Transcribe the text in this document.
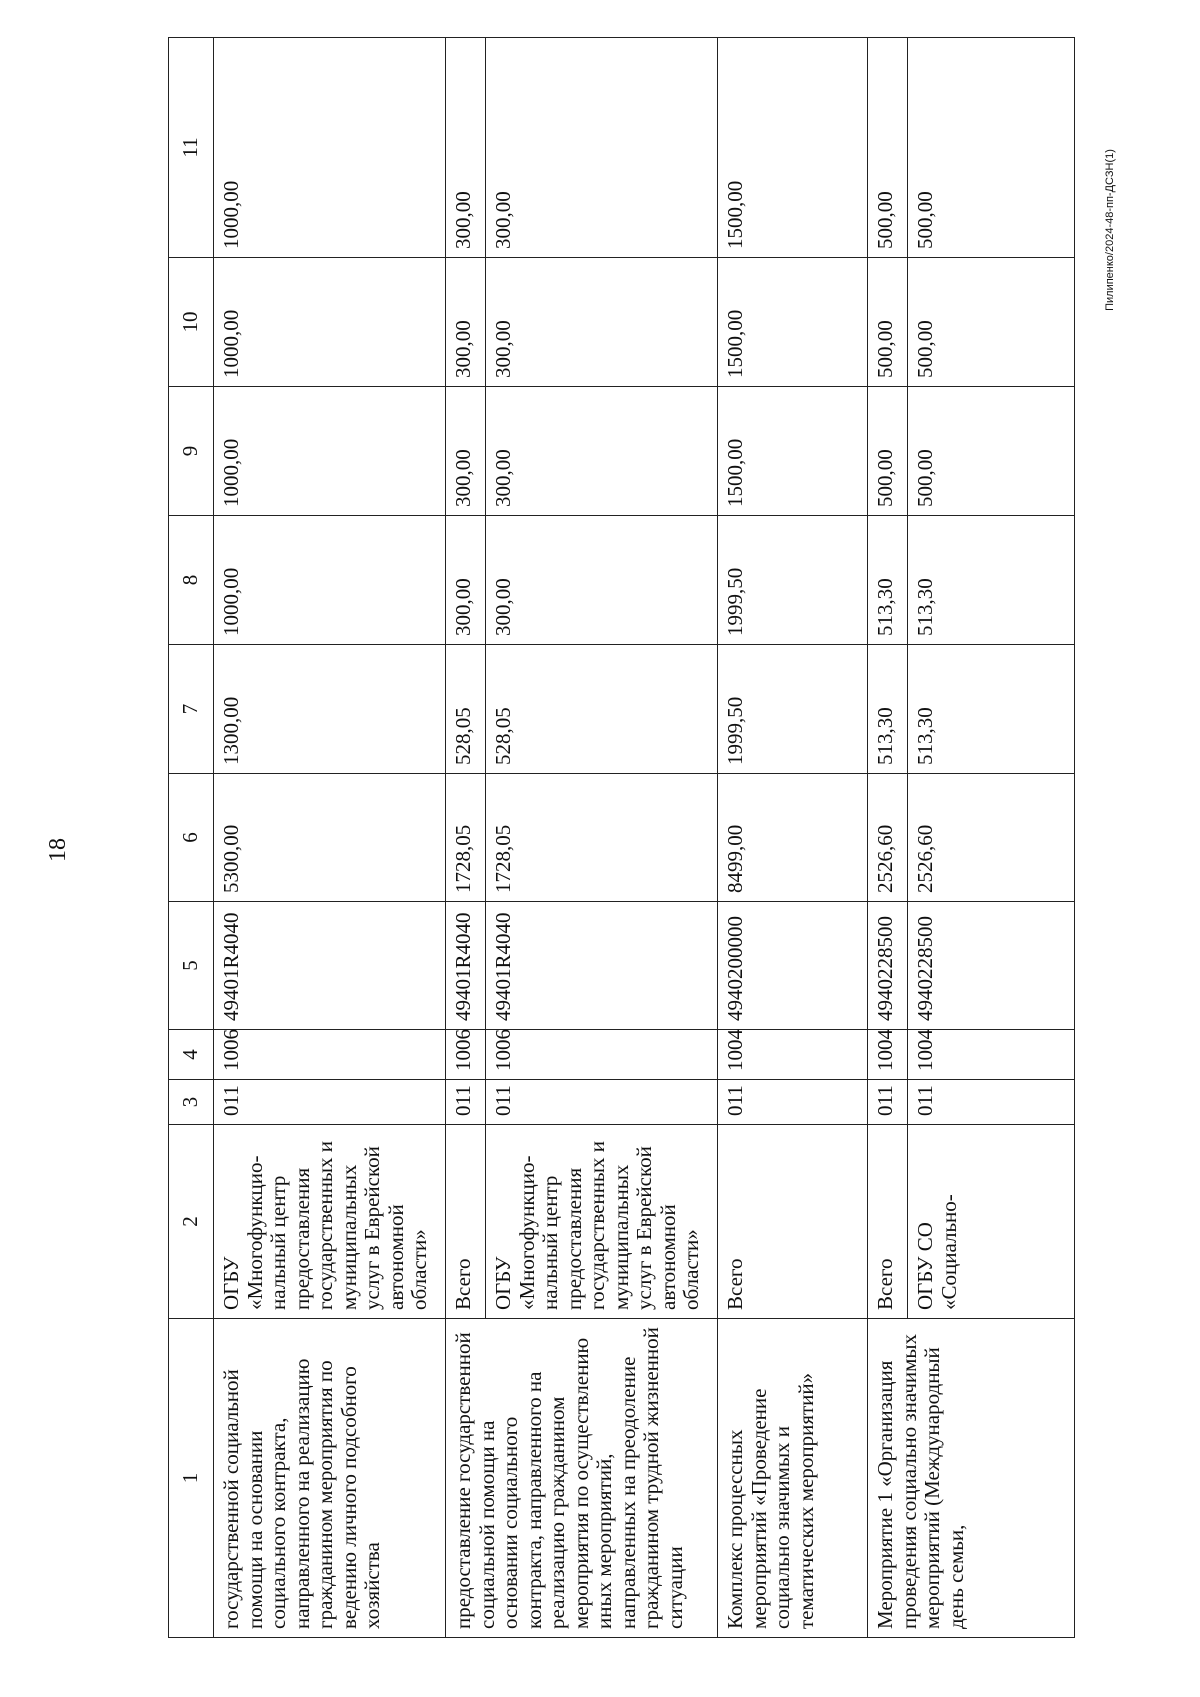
18
Пилипенко/2024-48-пп-ДСЗН(1)
1	2	3	4	5	6	7	8	9	10	11
государственной социальной помощи на основании социального контракта, направленного на реализацию гражданином мероприятия по ведению личного подсобного хозяйства	ОГБУ «Многофункцио-
нальный центр предоставления государственных и муниципальных услуг в Еврейской автономной области»	011	1006	49401R4040	5300,00	1300,00	1000,00	1000,00	1000,00	1000,00
предоставление государственной социальной помощи на основании социального контракта, направленного на реализацию гражданином мероприятия по осуществлению иных мероприятий, направленных на преодоление гражданином трудной жизненной ситуации	Всего	011	1006	49401R4040	1728,05	528,05	300,00	300,00	300,00	300,00
	ОГБУ «Многофункцио-
нальный центр предоставления государственных и муниципальных услуг в Еврейской автономной области»	011	1006	49401R4040	1728,05	528,05	300,00	300,00	300,00	300,00
Комплекс процессных мероприятий «Проведение социально значимых и тематических мероприятий»	Всего	011	1004	4940200000	8499,00	1999,50	1999,50	1500,00	1500,00	1500,00
Мероприятие 1 «Организация проведения социально значимых мероприятий (Международный день семьи,	Всего	011	1004	4940228500	2526,60	513,30	513,30	500,00	500,00	500,00
	ОГБУ СО «Социально-	011	1004	4940228500	2526,60	513,30	513,30	500,00	500,00	500,00
